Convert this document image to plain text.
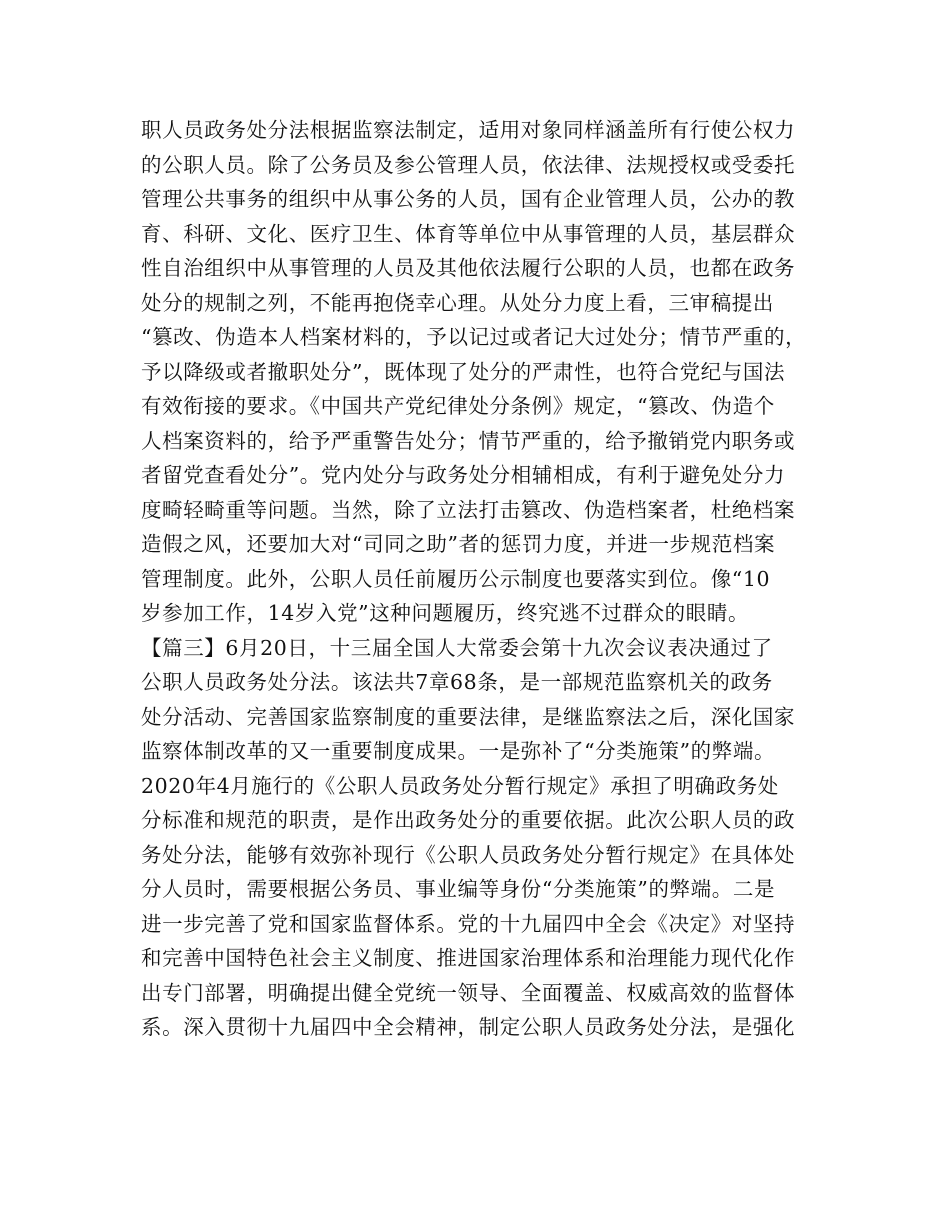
职人员政务处分法根据监察法制定，适用对象同样涵盖所有行使公权力
的公职人员。除了公务员及参公管理人员，依法律、法规授权或受委托
管理公共事务的组织中从事公务的人员，国有企业管理人员，公办的教
育、科研、文化、医疗卫生、体育等单位中从事管理的人员，基层群众
性自治组织中从事管理的人员及其他依法履行公职的人员，也都在政务
处分的规制之列，不能再抱侥幸心理。从处分力度上看，三审稿提出
“篡改、伪造本人档案材料的，予以记过或者记大过处分；情节严重的，
予以降级或者撤职处分”，既体现了处分的严肃性，也符合党纪与国法
有效衔接的要求。《中国共产党纪律处分条例》规定，“篡改、伪造个
人档案资料的，给予严重警告处分；情节严重的，给予撤销党内职务或
者留党查看处分”。党内处分与政务处分相辅相成，有利于避免处分力
度畸轻畸重等问题。当然，除了立法打击篡改、伪造档案者，杜绝档案
造假之风，还要加大对“司同之助”者的惩罚力度，并进一步规范档案
管理制度。此外，公职人员任前履历公示制度也要落实到位。像“10
岁参加工作，14岁入党”这种问题履历，终究逃不过群众的眼睛。
【篇三】6月20日，十三届全国人大常委会第十九次会议表决通过了
公职人员政务处分法。该法共7章68条，是一部规范监察机关的政务
处分活动、完善国家监察制度的重要法律，是继监察法之后，深化国家
监察体制改革的又一重要制度成果。一是弥补了“分类施策”的弊端。
2020年4月施行的《公职人员政务处分暂行规定》承担了明确政务处
分标准和规范的职责，是作出政务处分的重要依据。此次公职人员的政
务处分法，能够有效弥补现行《公职人员政务处分暂行规定》在具体处
分人员时，需要根据公务员、事业编等身份“分类施策”的弊端。二是
进一步完善了党和国家监督体系。党的十九届四中全会《决定》对坚持
和完善中国特色社会主义制度、推进国家治理体系和治理能力现代化作
出专门部署，明确提出健全党统一领导、全面覆盖、权威高效的监督体
系。深入贯彻十九届四中全会精神，制定公职人员政务处分法，是强化
